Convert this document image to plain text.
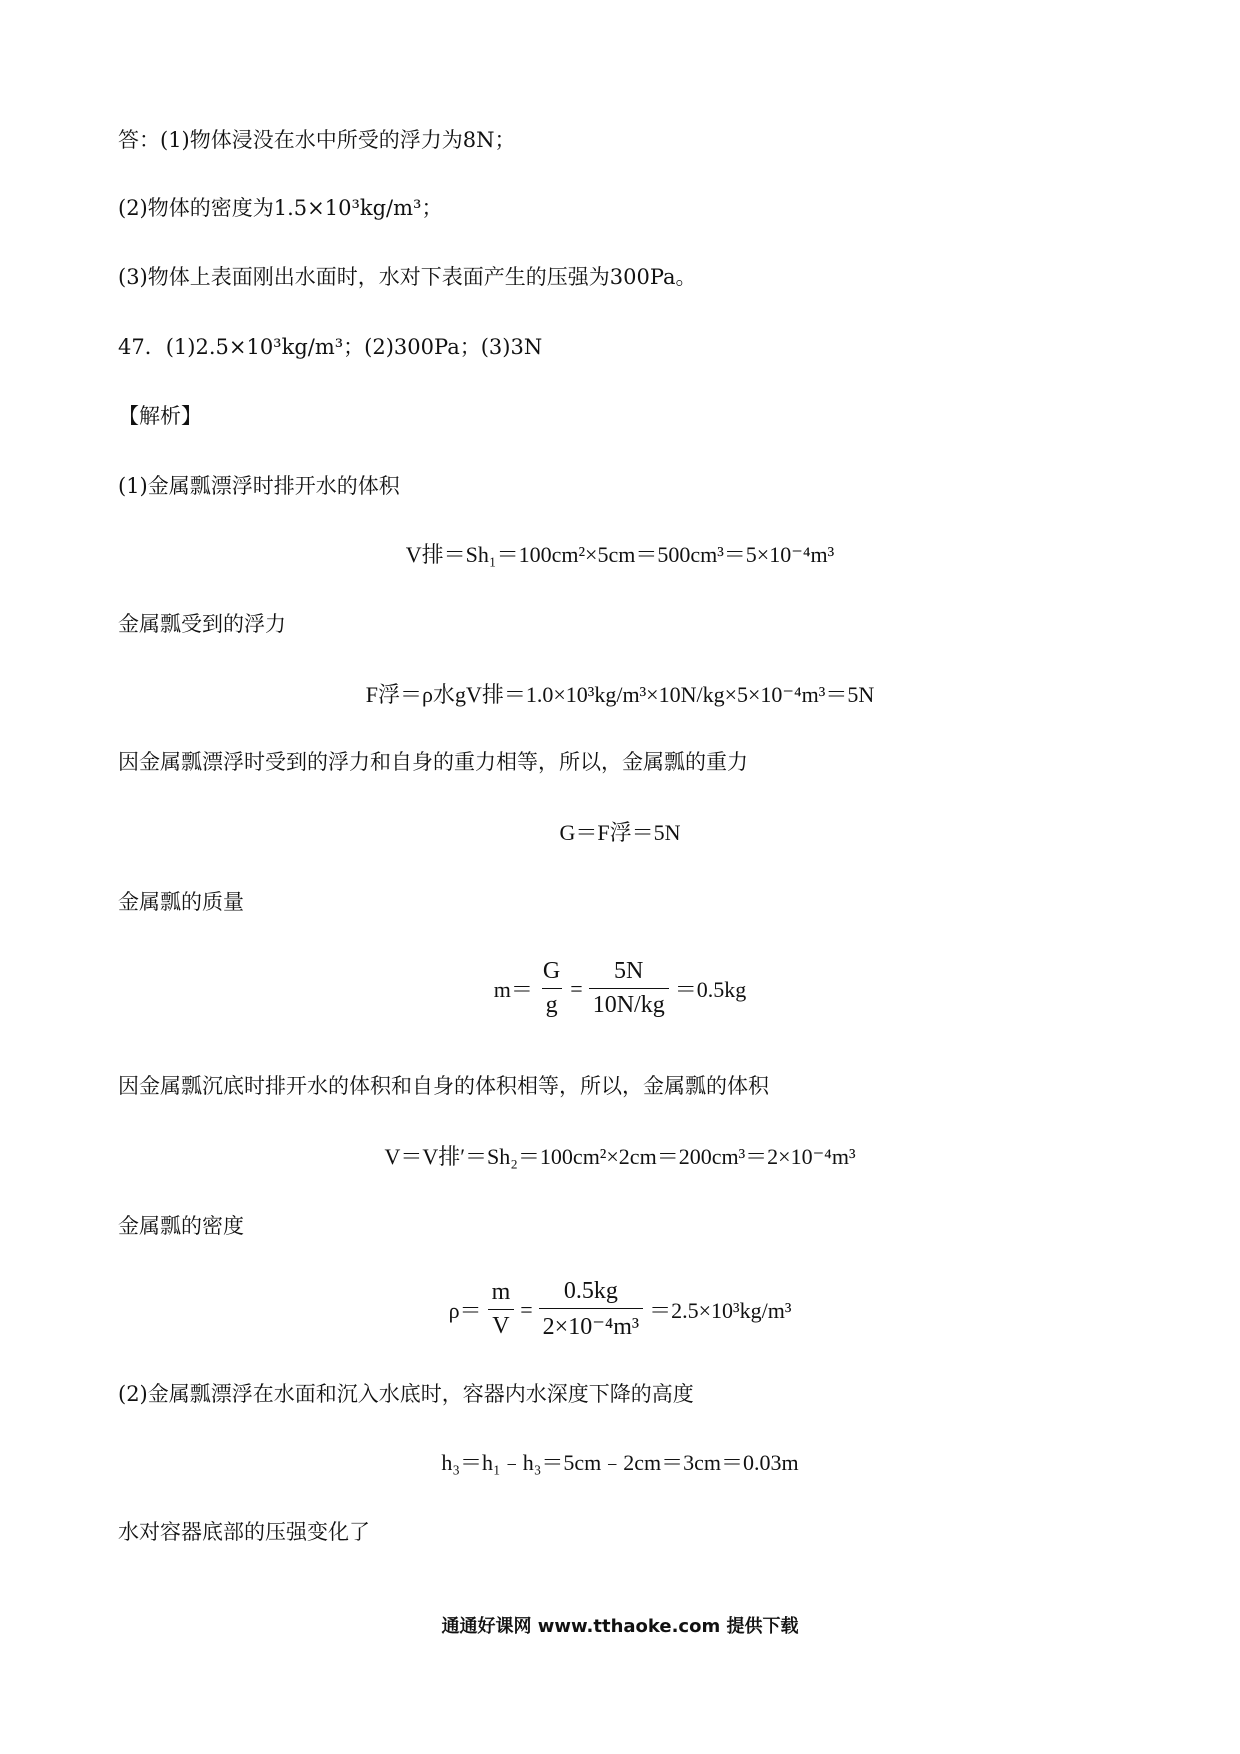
答：(1)物体浸没在水中所受的浮力为8N；
(2)物体的密度为1.5×10³kg/m³；
(3)物体上表面刚出水面时，水对下表面产生的压强为300Pa。
47．(1)2.5×10³kg/m³；(2)300Pa；(3)3N
【解析】
(1)金属瓢漂浮时排开水的体积
V排＝Sh₁＝100cm²×5cm＝500cm³＝5×10⁻⁴m³
金属瓢受到的浮力
F浮＝ρ水gV排＝1.0×10³kg/m³×10N/kg×5×10⁻⁴m³＝5N
因金属瓢漂浮时受到的浮力和自身的重力相等，所以，金属瓢的重力
G＝F浮＝5N
金属瓢的质量
$m= \frac{G}{g} = \frac{5N}{10N/kg} =0.5kg$
因金属瓢沉底时排开水的体积和自身的体积相等，所以，金属瓢的体积
V＝V排′＝Sh₂＝100cm²×2cm＝200cm³＝2×10⁻⁴m³
金属瓢的密度
$\rho= \frac{m}{V} = \frac{0.5kg}{\text{2×10⁻⁴m³}} =2.5\times 10^3kg/m^3$
(2)金属瓢漂浮在水面和沉入水底时，容器内水深度下降的高度
h₃＝h₁﹣h₃＝5cm﹣2cm＝3cm＝0.03m
水对容器底部的压强变化了
通通好课网 www.tthaoke.com 提供下载
